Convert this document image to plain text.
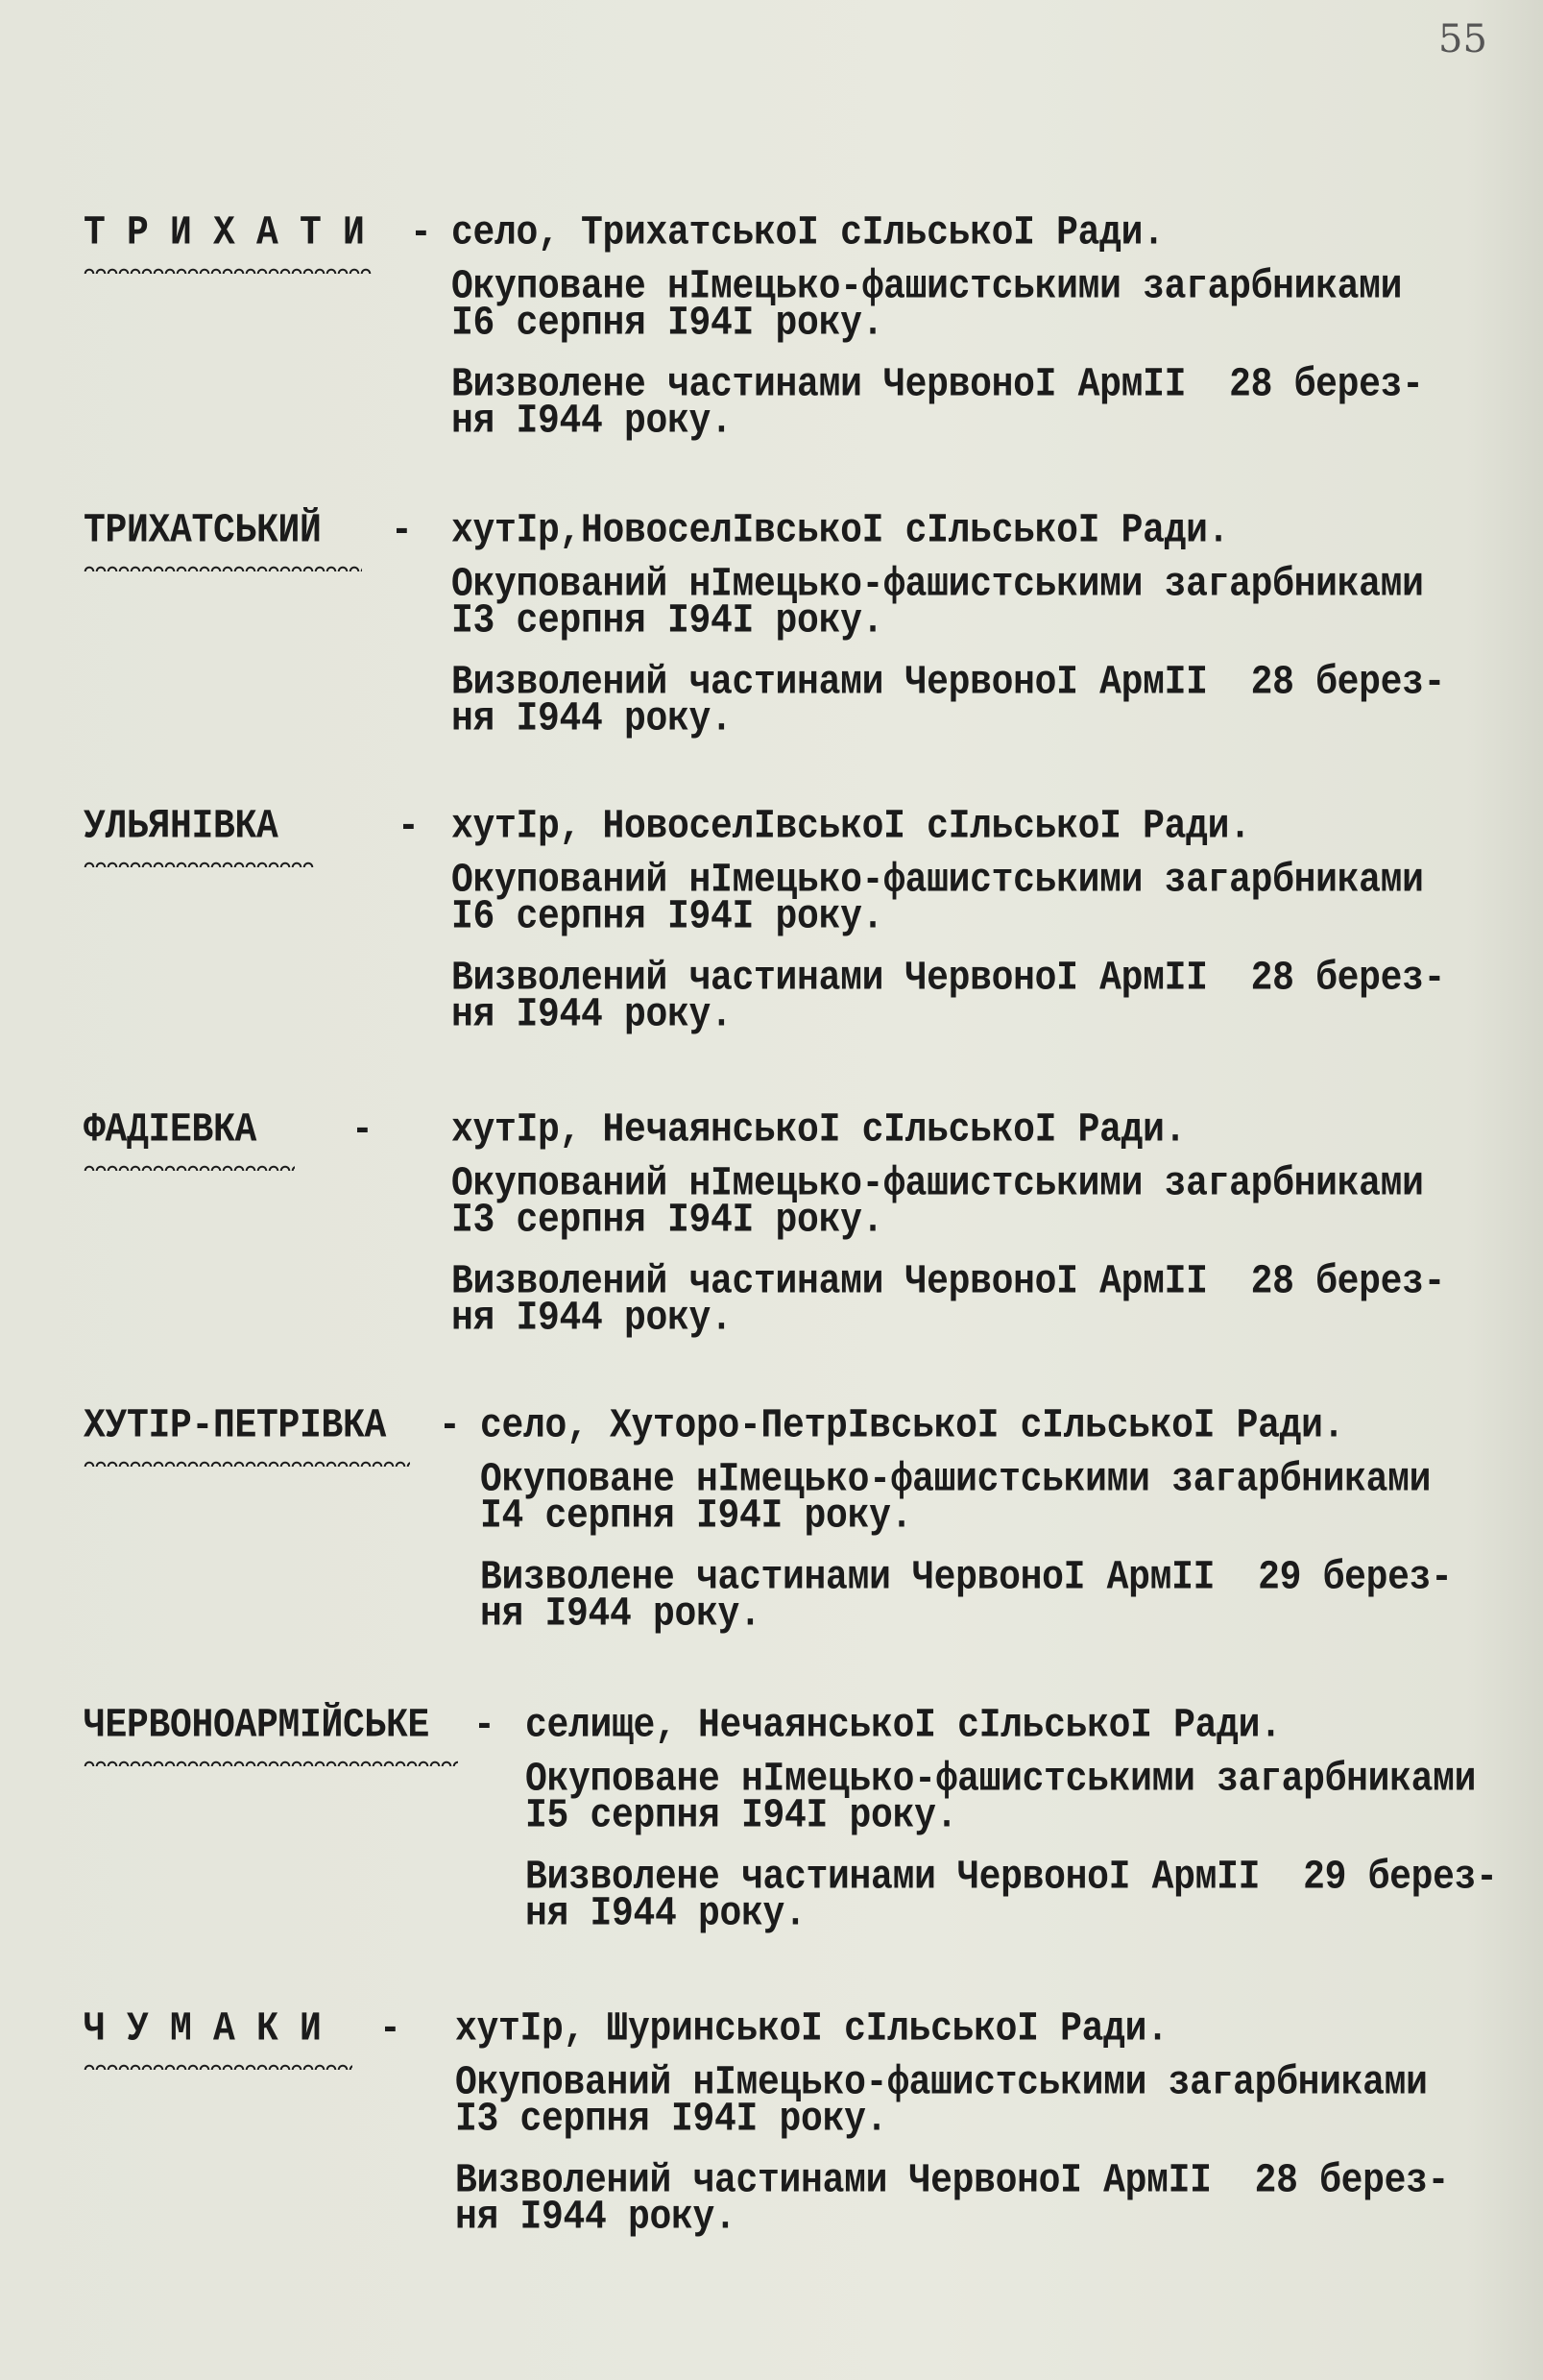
55
Т Р И Х А Т И - село, ТрихатськоІ сІльськоІ Ради.
Окуповане нІмецько-фашистськими загарбниками
I6 серпня I94I року.
Визволене частинами ЧервоноІ АрмІІ  28 берез-
ня I944 року.
ТРИХАТСЬКИЙ - хутІр,НовоселІвськоІ сІльськоІ Ради.
Окупований нІмецько-фашистськими загарбниками
I3 серпня I94I року.
Визволений частинами ЧервоноІ АрмІІ  28 берез-
ня I944 року.
УЛЬЯНІВКА	- хутІр, НовоселІвськоІ сІльськоІ Ради.
Окупований нІмецько-фашистськими загарбниками
I6 серпня I94I року.
Визволений частинами ЧервоноІ АрмІІ  28 берез-
ня I944 року.
ФАДІЕВКА	- хутІр, НечаянськоІ сІльськоІ Ради.
Окупований нІмецько-фашистськими загарбниками
I3 серпня I94I року.
Визволений частинами ЧервоноІ АрмІІ  28 берез-
ня I944 року.
ХУТІР-ПЕТРІВКА - село, Хуторо-ПетрІвськоІ сІльськоІ Ради.
Окуповане нІмецько-фашистськими загарбниками
I4 серпня I94I року.
Визволене частинами ЧервоноІ АрмІІ  29 берез-
ня I944 року.
ЧЕРВОНОАРМІЙСЬКЕ - селище, НечаянськоІ сІльськоІ Ради.
Окуповане нІмецько-фашистськими загарбниками
I5 серпня I94I року.
Визволене частинами ЧервоноІ АрмІІ  29 берез-
ня I944 року.
Ч У М А К И - хутІр, ШуринськоІ сІльськоІ Ради.
Окупований нІмецько-фашистськими загарбниками
I3 серпня I94I року.
Визволений частинами ЧервоноІ АрмІІ  28 берез-
ня I944 року.
